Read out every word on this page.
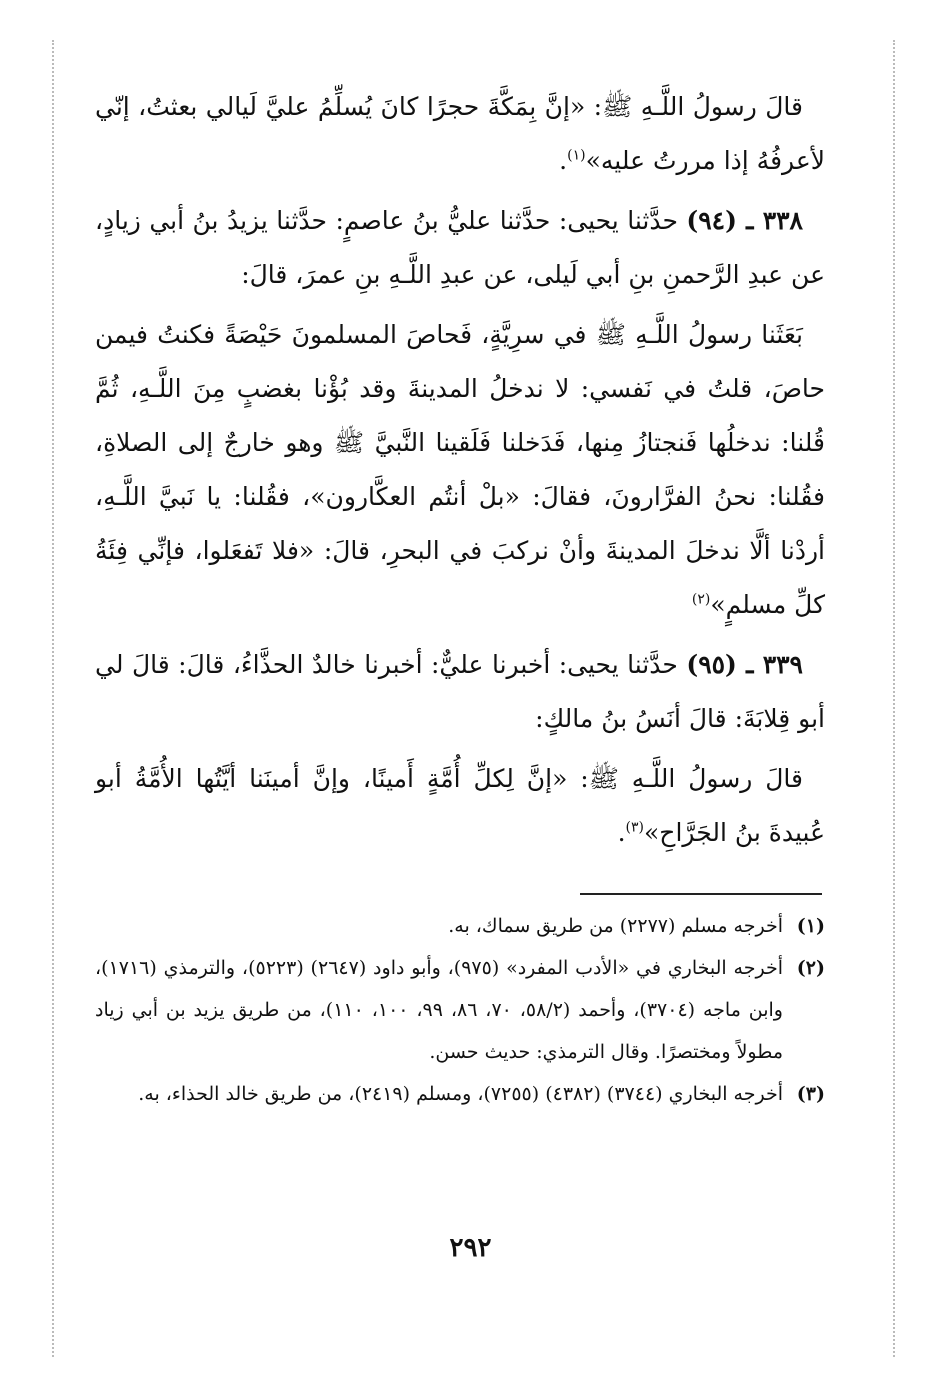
قالَ رسولُ اللَّـهِ ﷺ: «إنَّ بِمَكَّةَ حجرًا كانَ يُسلِّمُ عليَّ لَيالي بعثتُ، إنّي لأعرفُهُ إذا مررتُ عليه»$^{(١)}$.

٣٣٨ ـ (٩٤) حدَّثنا يحيى: حدَّثنا عليُّ بنُ عاصمٍ: حدَّثنا يزيدُ بنُ أبي زيادٍ، عن عبدِ الرَّحمنِ بنِ أبي لَيلى، عن عبدِ اللَّـهِ بنِ عمرَ، قالَ:

بَعَثَنا رسولُ اللَّـهِ ﷺ في سرِيَّةٍ، فَحاصَ المسلمونَ حَيْصَةً فكنتُ فيمن حاصَ، قلتُ في نَفسي: لا ندخلُ المدينةَ وقد بُؤْنا بغضبٍ مِنَ اللَّـهِ، ثُمَّ قُلنا: ندخلُها فَنجتازُ مِنها، فَدَخلنا فَلَقينا النَّبيَّ ﷺ وهو خارجٌ إلى الصلاةِ، فقُلنا: نحنُ الفرَّارونَ، فقالَ: «بلْ أنتُم العكَّارون»، فقُلنا: يا نَبيَّ اللَّـهِ، أردْنا ألَّا ندخلَ المدينةَ وأنْ نركبَ في البحرِ، قالَ: «فلا تَفعَلوا، فإنِّي فِئَةُ كلِّ مسلمٍ»$^{(٢)}$

٣٣٩ ـ (٩٥) حدَّثنا يحيى: أخبرنا عليٌّ: أخبرنا خالدٌ الحذَّاءُ، قالَ: قالَ لي أبو قِلابَةَ: قالَ أنَسُ بنُ مالكٍ:

قالَ رسولُ اللَّـهِ ﷺ: «إنَّ لِكلِّ أُمَّةٍ أَمينًا، وإنَّ أمينَنا أيَّتُها الأُمَّةُ أبو عُبيدةَ بنُ الجَرَّاحِ»$^{(٣)}$.

(١)
أخرجه مسلم (٢٢٧٧) من طريق سماك، به.
(٢)
أخرجه البخاري في «الأدب المفرد» (٩٧٥)، وأبو داود (٢٦٤٧) (٥٢٢٣)، والترمذي (١٧١٦)، وابن ماجه (٣٧٠٤)، وأحمد (٥٨/٢، ٧٠، ٨٦، ٩٩، ١٠٠، ١١٠)، من طريق يزيد بن أبي زياد مطولاً ومختصرًا. وقال الترمذي: حديث حسن.
(٣)
أخرجه البخاري (٣٧٤٤) (٤٣٨٢) (٧٢٥٥)، ومسلم (٢٤١٩)، من طريق خالد الحذاء، به.
٢٩٢
